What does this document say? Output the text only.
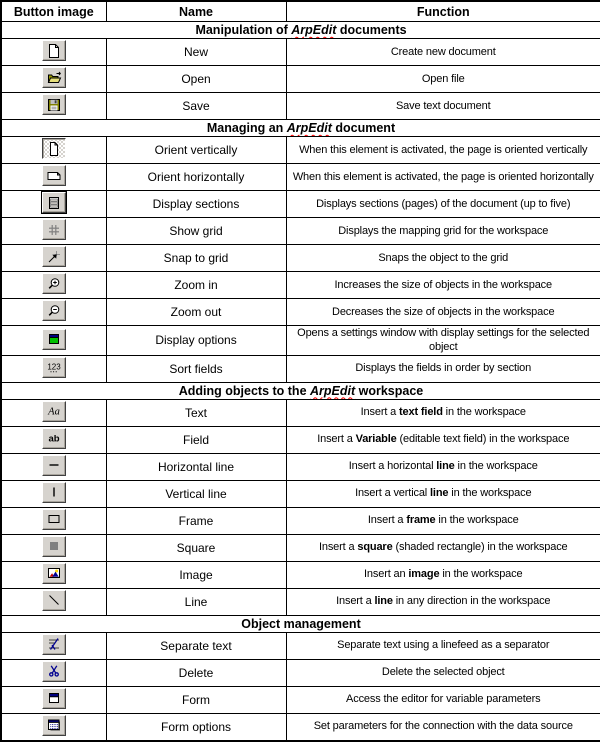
Button image	Name	Function
Manipulation of ArpEdit documents		

	New	Create new document

	Open	Open file

	Save	Save text document
Managing an ArpEdit document		

	Orient vertically	When this element is activated, the page is oriented vertically

	Orient horizontally	When this element is activated, the page is oriented horizontally

	Display sections	Displays sections (pages) of the document (up to five)

	Show grid	Displays the mapping grid for the workspace

	Snap to grid	Snaps the object to the grid

	Zoom in	Increases the size of objects in the workspace

	Zoom out	Decreases the size of objects in the workspace

	Display options	Opens a settings window with display settings for the selected object

123	Sort fields	Displays the fields in order by section
Adding objects to the ArpEdit workspace		

Aa	Text	Insert a text field in the workspace

ab	Field	Insert a Variable (editable text field) in the workspace

	Horizontal line	Insert a horizontal line in the workspace

	Vertical line	Insert a vertical line in the workspace

	Frame	Insert a frame in the workspace

	Square	Insert a square (shaded rectangle) in the workspace

	Image	Insert an image in the workspace

	Line	Insert a line in any direction in the workspace
Object management		

	Separate text	Separate text using a linefeed as a separator

	Delete	Delete the selected object

	Form	Access the editor for variable parameters

	Form options	Set parameters for the connection with the data source
